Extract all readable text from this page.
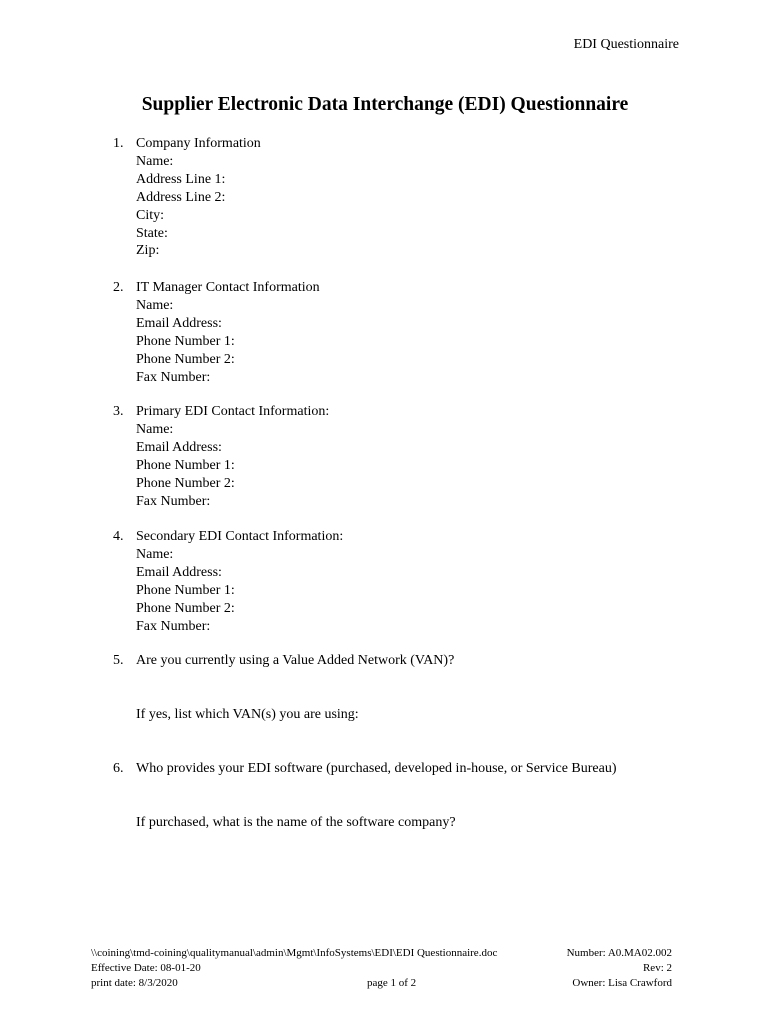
EDI Questionnaire
Supplier Electronic Data Interchange (EDI) Questionnaire
1. Company Information
Name:
Address Line 1:
Address Line 2:
City:
State:
Zip:
2. IT Manager Contact Information
Name:
Email Address:
Phone Number 1:
Phone Number 2:
Fax Number:
3. Primary EDI Contact Information:
Name:
Email Address:
Phone Number 1:
Phone Number 2:
Fax Number:
4. Secondary EDI Contact Information:
Name:
Email Address:
Phone Number 1:
Phone Number 2:
Fax Number:
5. Are you currently using a Value Added Network (VAN)?
If yes, list which VAN(s) you are using:
6. Who provides your EDI software (purchased, developed in-house, or Service Bureau)
If purchased, what is the name of the software company?
\\coining\tmd-coining\qualitymanual\admin\Mgmt\InfoSystems\EDI\EDI Questionnaire.doc
Effective Date: 08-01-20
print date: 8/3/2020	page 1 of 2
Number: A0.MA02.002
Rev: 2
Owner: Lisa Crawford
